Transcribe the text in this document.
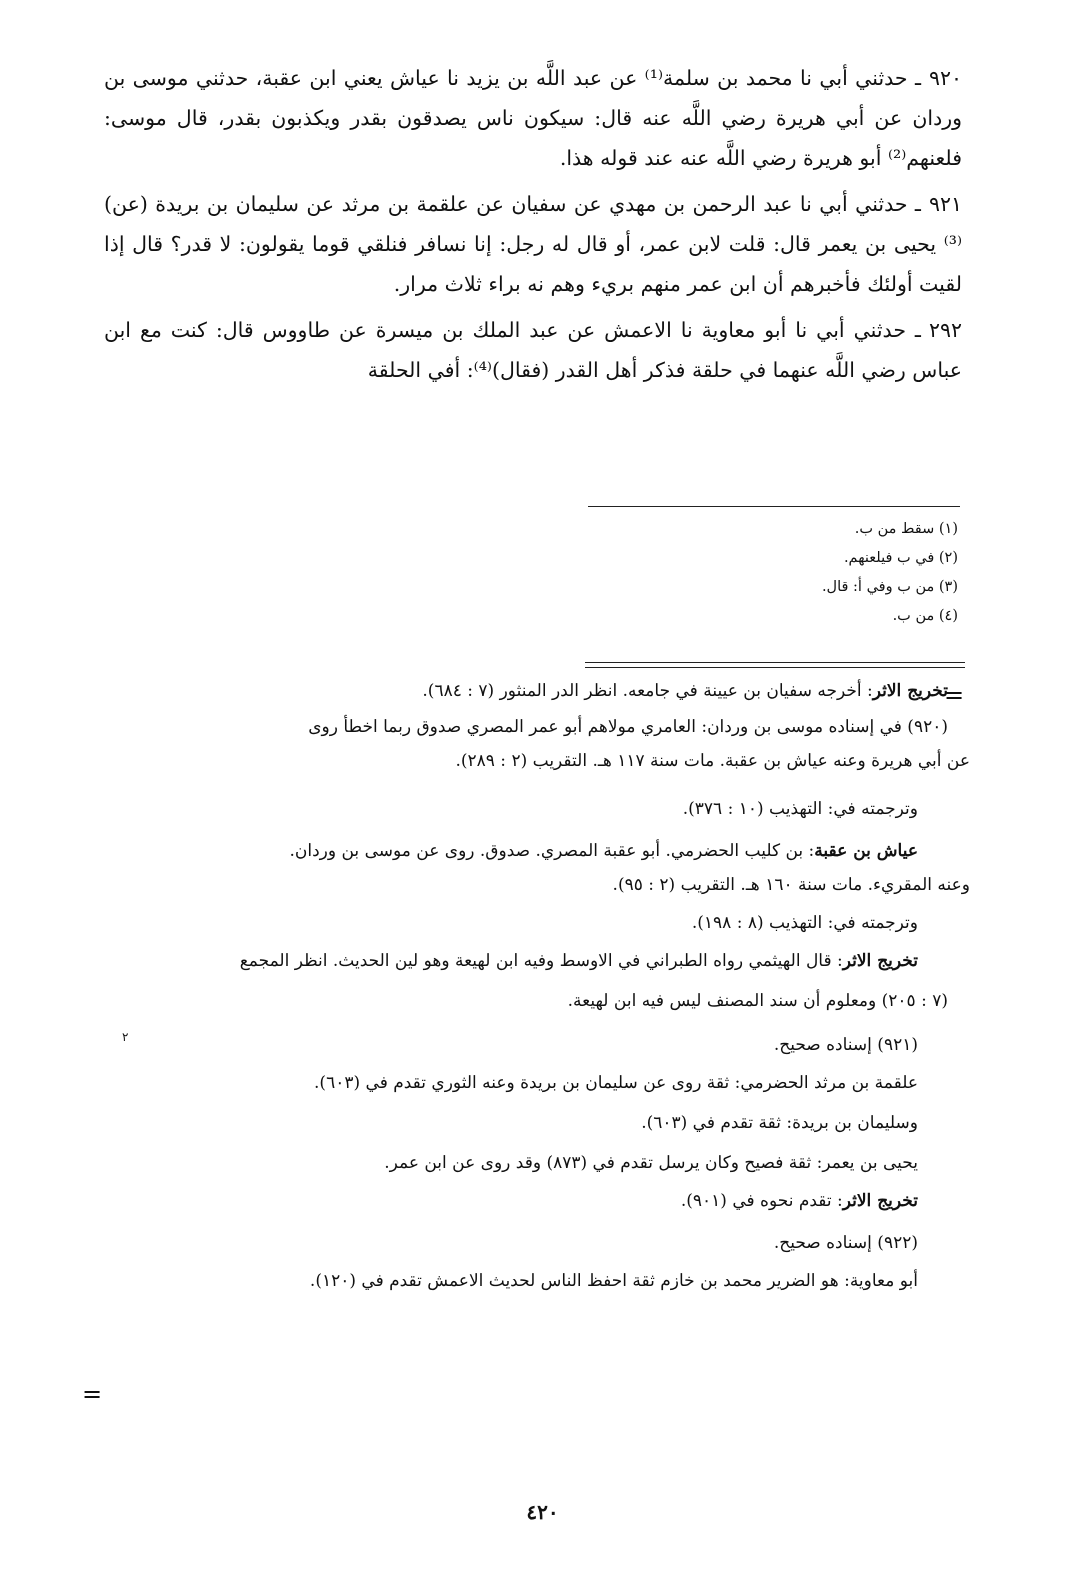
٩٢٠ـ حدثني أبي نا محمد بن سلمة⁽¹⁾ عن عبد اللَّه بن يزيد نا عياش يعني ابن عقبة، حدثني موسى بن وردان عن أبي هريرة رضي اللَّه عنه قال: سيكون ناس يصدقون بقدر ويكذبون بقدر، قال موسى: فلعنهم⁽²⁾ أبو هريرة رضي اللَّه عنه عند قوله هذا.

٩٢١ـ حدثني أبي نا عبد الرحمن بن مهدي عن سفيان عن علقمة بن مرثد عن سليمان بن بريدة (عن)⁽³⁾ يحيى بن يعمر قال: قلت لابن عمر، أو قال له رجل: إنا نسافر فنلقي قوما يقولون: لا قدر؟ قال إذا لقيت أولئك فأخبرهم أن ابن عمر منهم بريء وهم نه براء ثلاث مرار.

٢٩٢ـ حدثني أبي نا أبو معاوية نا الاعمش عن عبد الملك بن ميسرة عن طاووس قال: كنت مع ابن عباس رضي اللَّه عنهما في حلقة فذكر أهل القدر (فقال)⁽⁴⁾: أفي الحلقة

(١) سقط من ب.

(٢) في ب فيلعنهم.

(٣) من ب وفي أ: قال.

(٤) من ب.

=
=
٢

تخريج الاثر: أخرجه سفيان بن عيينة في جامعه. انظر الدر المنثور (٧ : ٦٨٤).

(٩٢٠) في إسناده موسى بن وردان: العامري مولاهم أبو عمر المصري صدوق ربما اخطأ روى

عن أبي هريرة وعنه عياش بن عقبة. مات سنة ١١٧ هـ. التقريب (٢ : ٢٨٩).

وترجمته في: التهذيب (١٠ : ٣٧٦).

عياش بن عقبة: بن كليب الحضرمي. أبو عقبة المصري. صدوق. روى عن موسى بن وردان.

وعنه المقريء. مات سنة ١٦٠ هـ. التقريب (٢ : ٩٥).

وترجمته في: التهذيب (٨ : ١٩٨).

تخريج الاثر: قال الهيثمي رواه الطبراني في الاوسط وفيه ابن لهيعة وهو لين الحديث. انظر المجمع

(٧ : ٢٠٥) ومعلوم أن سند المصنف ليس فيه ابن لهيعة.

(٩٢١) إسناده صحيح.

علقمة بن مرثد الحضرمي: ثقة روى عن سليمان بن بريدة وعنه الثوري تقدم في (٦٠٣).

وسليمان بن بريدة: ثقة تقدم في (٦٠٣).

يحيى بن يعمر: ثقة فصيح وكان يرسل تقدم في (٨٧٣) وقد روى عن ابن عمر.

تخريج الاثر: تقدم نحوه في (٩٠١).

(٩٢٢) إسناده صحيح.

أبو معاوية: هو الضرير محمد بن خازم ثقة احفظ الناس لحديث الاعمش تقدم في (١٢٠).

٤٢٠
